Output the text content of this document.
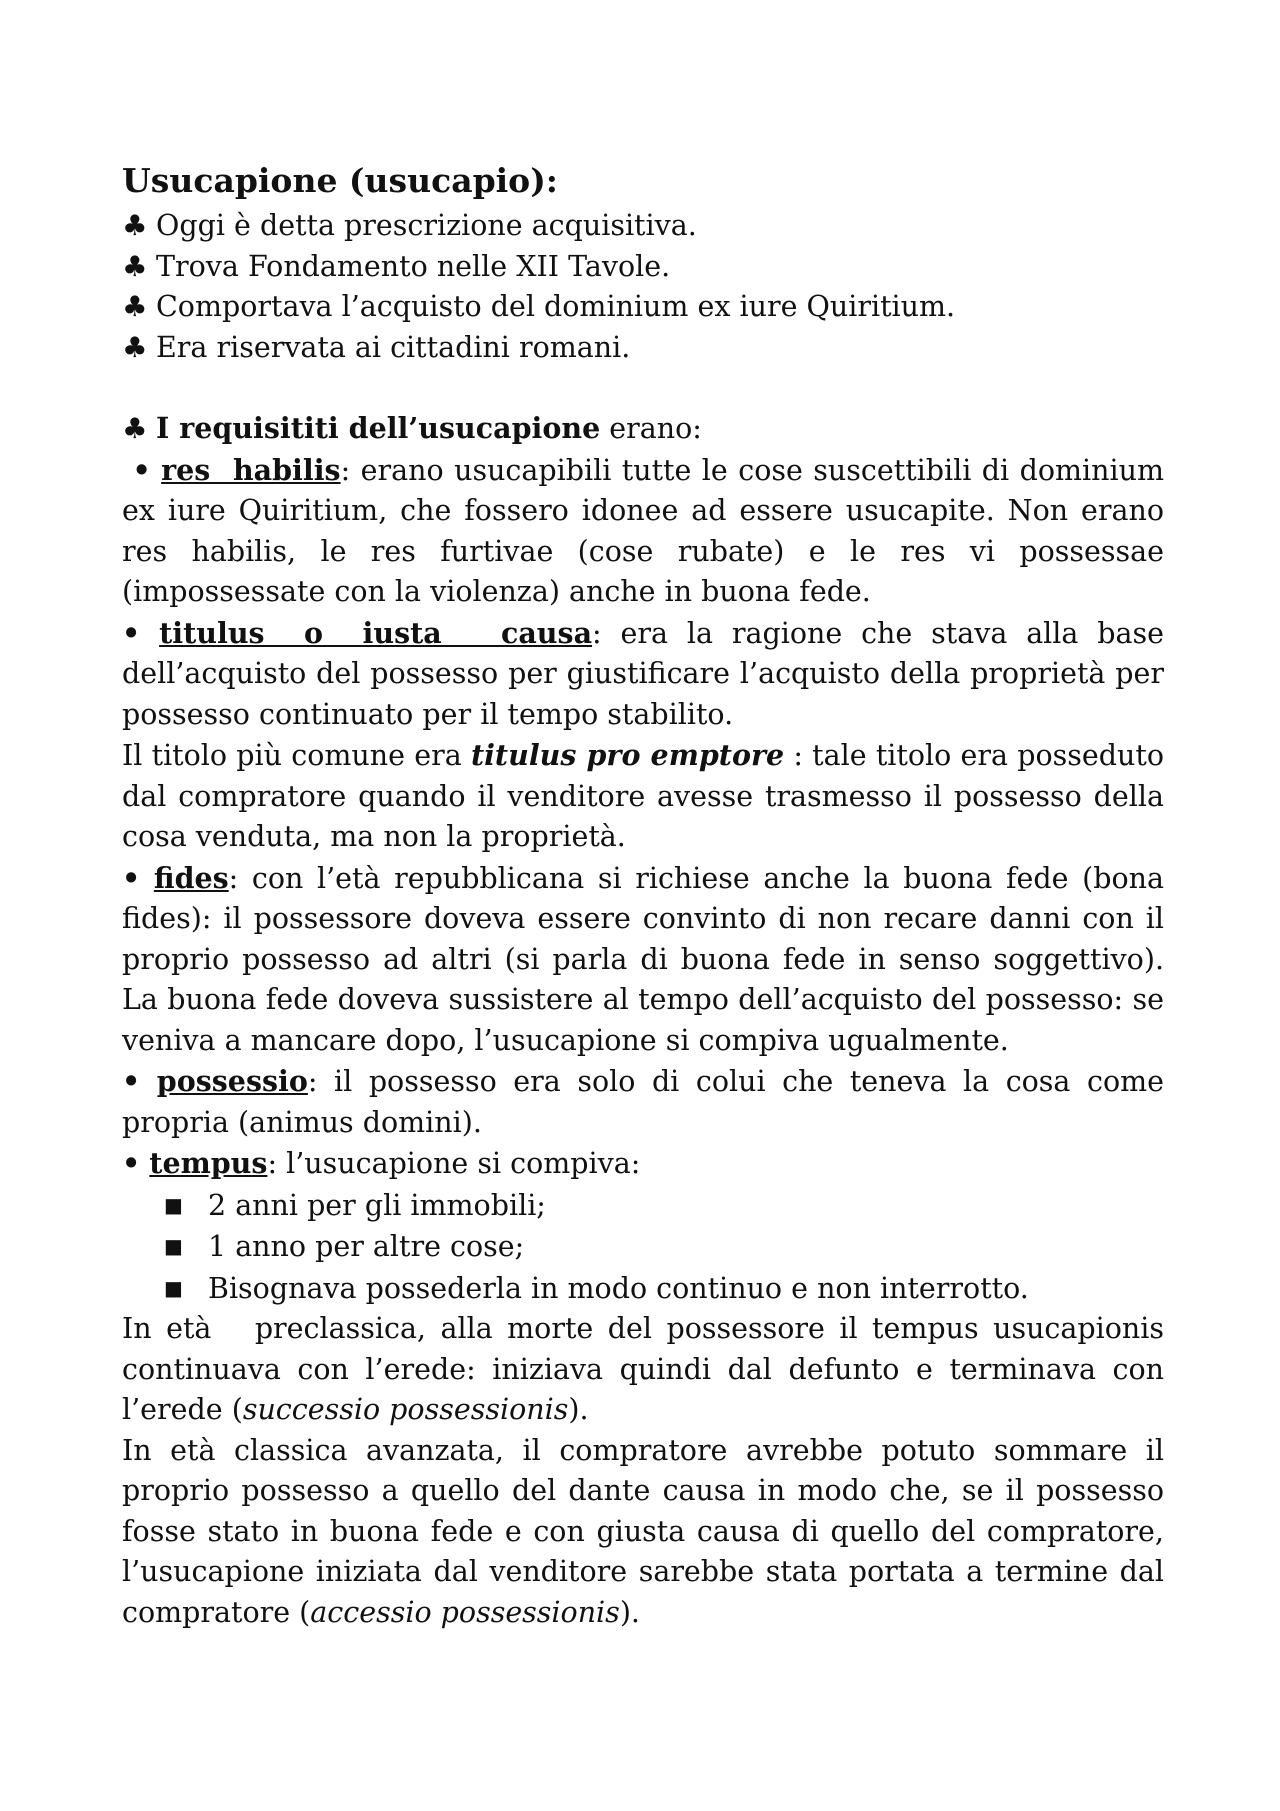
Usucapione (usucapio):
♣ Oggi è detta prescrizione acquisitiva.
♣ Trova Fondamento nelle XII Tavole.
♣ Comportava l’acquisto del dominium ex iure Quiritium.
♣ Era riservata ai cittadini romani.
♣ I requisititi dell’usucapione erano:
• res  habilis: erano usucapibili tutte le cose suscettibili di dominium ex iure Quiritium, che fossero idonee ad essere usucapite. Non erano res habilis, le res furtivae (cose rubate) e le res vi possessae (impossessate con la violenza) anche in buona fede.
• titulus  o  iusta   causa: era la ragione che stava alla base dell’acquisto del possesso per giustificare l’acquisto della proprietà per possesso continuato per il tempo stabilito.
Il titolo più comune era titulus pro emptore : tale titolo era posseduto dal compratore quando il venditore avesse trasmesso il possesso della cosa venduta, ma non la proprietà.
• fides: con l’età repubblicana si richiese anche la buona fede (bona fides): il possessore doveva essere convinto di non recare danni con il proprio possesso ad altri (si parla di buona fede in senso soggettivo). La buona fede doveva sussistere al tempo dell’acquisto del possesso: se veniva a mancare dopo, l’usucapione si compiva ugualmente.
• possessio: il possesso era solo di colui che teneva la cosa come propria (animus domini).
• tempus: l’usucapione si compiva:
■ 2 anni per gli immobili;
■ 1 anno per altre cose;
■ Bisognava possederla in modo continuo e non interrotto.
In età   preclassica, alla morte del possessore il tempus usucapionis continuava con l’erede: iniziava quindi dal defunto e terminava con l’erede (successio possessionis).
In età classica avanzata, il compratore avrebbe potuto sommare il proprio possesso a quello del dante causa in modo che, se il possesso fosse stato in buona fede e con giusta causa di quello del compratore, l’usucapione iniziata dal venditore sarebbe stata portata a termine dal compratore (accessio possessionis).
